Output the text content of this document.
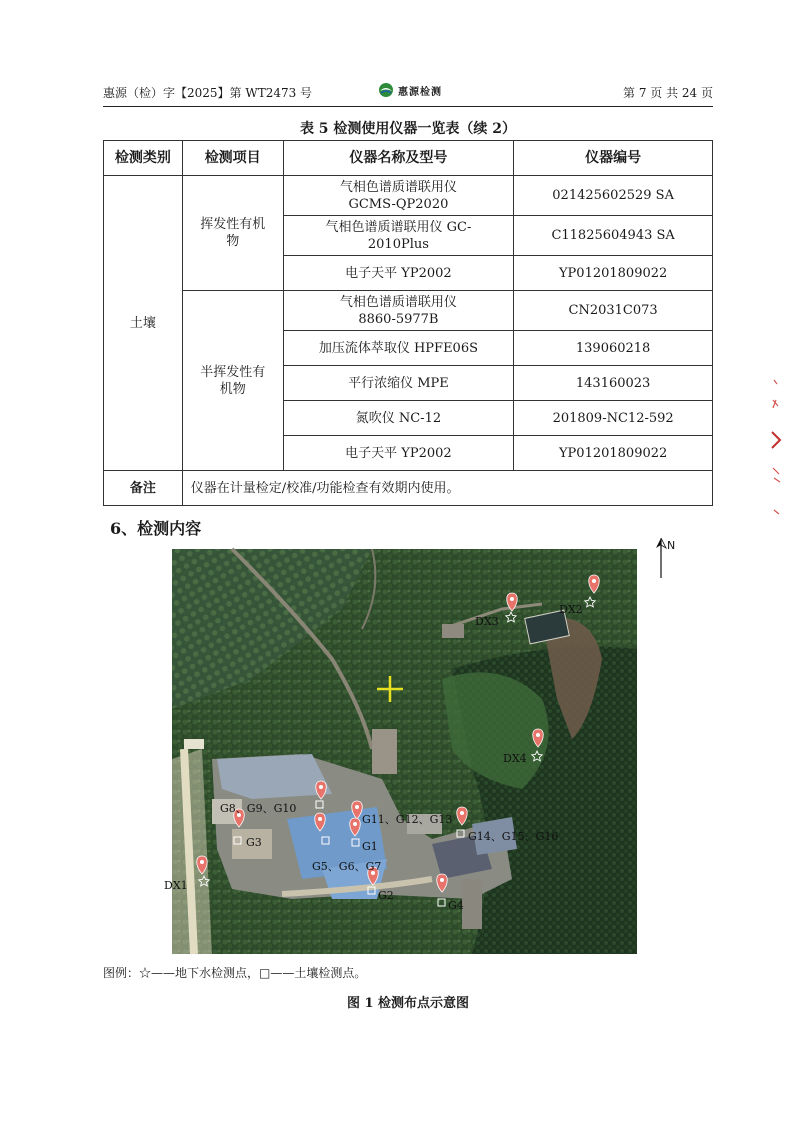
惠源（检）字【2025】第 WT2473 号	惠源检测	第 7 页 共 24 页
表 5 检测使用仪器一览表（续 2）
检测类别	检测项目	仪器名称及型号	仪器编号
土壤	挥发性有机物	气相色谱质谱联用仪 GCMS-QP2020	021425602529 SA
		气相色谱质谱联用仪 GC-2010Plus	C11825604943 SA
		电子天平 YP2002	YP01201809022
	半挥发性有机物	气相色谱质谱联用仪 8860-5977B	CN2031C073
		加压流体萃取仪 HPFE06S	139060218
		平行浓缩仪 MPE	143160023
		氮吹仪 NC-12	201809-NC12-592
		电子天平 YP2002	YP01201809022
备注	仪器在计量检定/校准/功能检查有效期内使用。		
6、检测内容
N
DX2
DX3
DX4
G8、G9、G10
G3
G5、G6、G7
G11、G12、G13
G1
G14、G15、G16
DX1
G2
G4
图例：☆——地下水检测点，□——土壤检测点。
图 1 检测布点示意图
